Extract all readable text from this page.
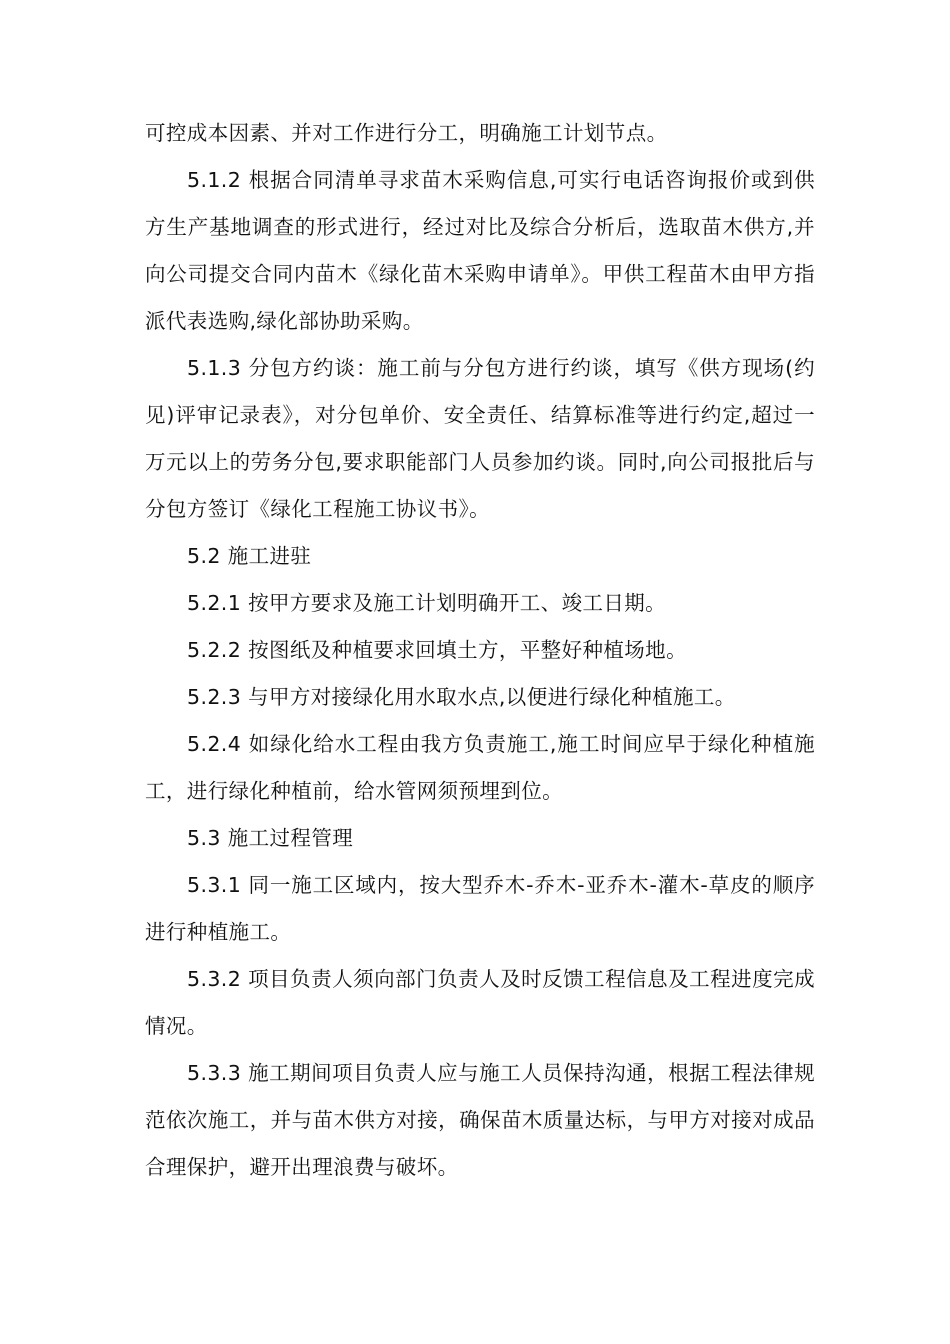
可控成本因素、并对工作进行分工，明确施工计划节点。

5.1.2 根据合同清单寻求苗木采购信息,可实行电话咨询报价或到供方生产基地调查的形式进行，经过对比及综合分析后，选取苗木供方,并向公司提交合同内苗木《绿化苗木采购申请单》。甲供工程苗木由甲方指派代表选购,绿化部协助采购。

5.1.3 分包方约谈：施工前与分包方进行约谈，填写《供方现场(约见)评审记录表》，对分包单价、安全责任、结算标准等进行约定,超过一万元以上的劳务分包,要求职能部门人员参加约谈。同时,向公司报批后与分包方签订《绿化工程施工协议书》。

5.2 施工进驻

5.2.1 按甲方要求及施工计划明确开工、竣工日期。

5.2.2 按图纸及种植要求回填土方，平整好种植场地。

5.2.3 与甲方对接绿化用水取水点,以便进行绿化种植施工。

5.2.4 如绿化给水工程由我方负责施工,施工时间应早于绿化种植施工，进行绿化种植前，给水管网须预埋到位。

5.3 施工过程管理

5.3.1 同一施工区域内，按大型乔木-乔木-亚乔木-灌木-草皮的顺序进行种植施工。

5.3.2 项目负责人须向部门负责人及时反馈工程信息及工程进度完成情况。

5.3.3 施工期间项目负责人应与施工人员保持沟通，根据工程法律规范依次施工，并与苗木供方对接，确保苗木质量达标，与甲方对接对成品合理保护，避开出理浪费与破坏。
